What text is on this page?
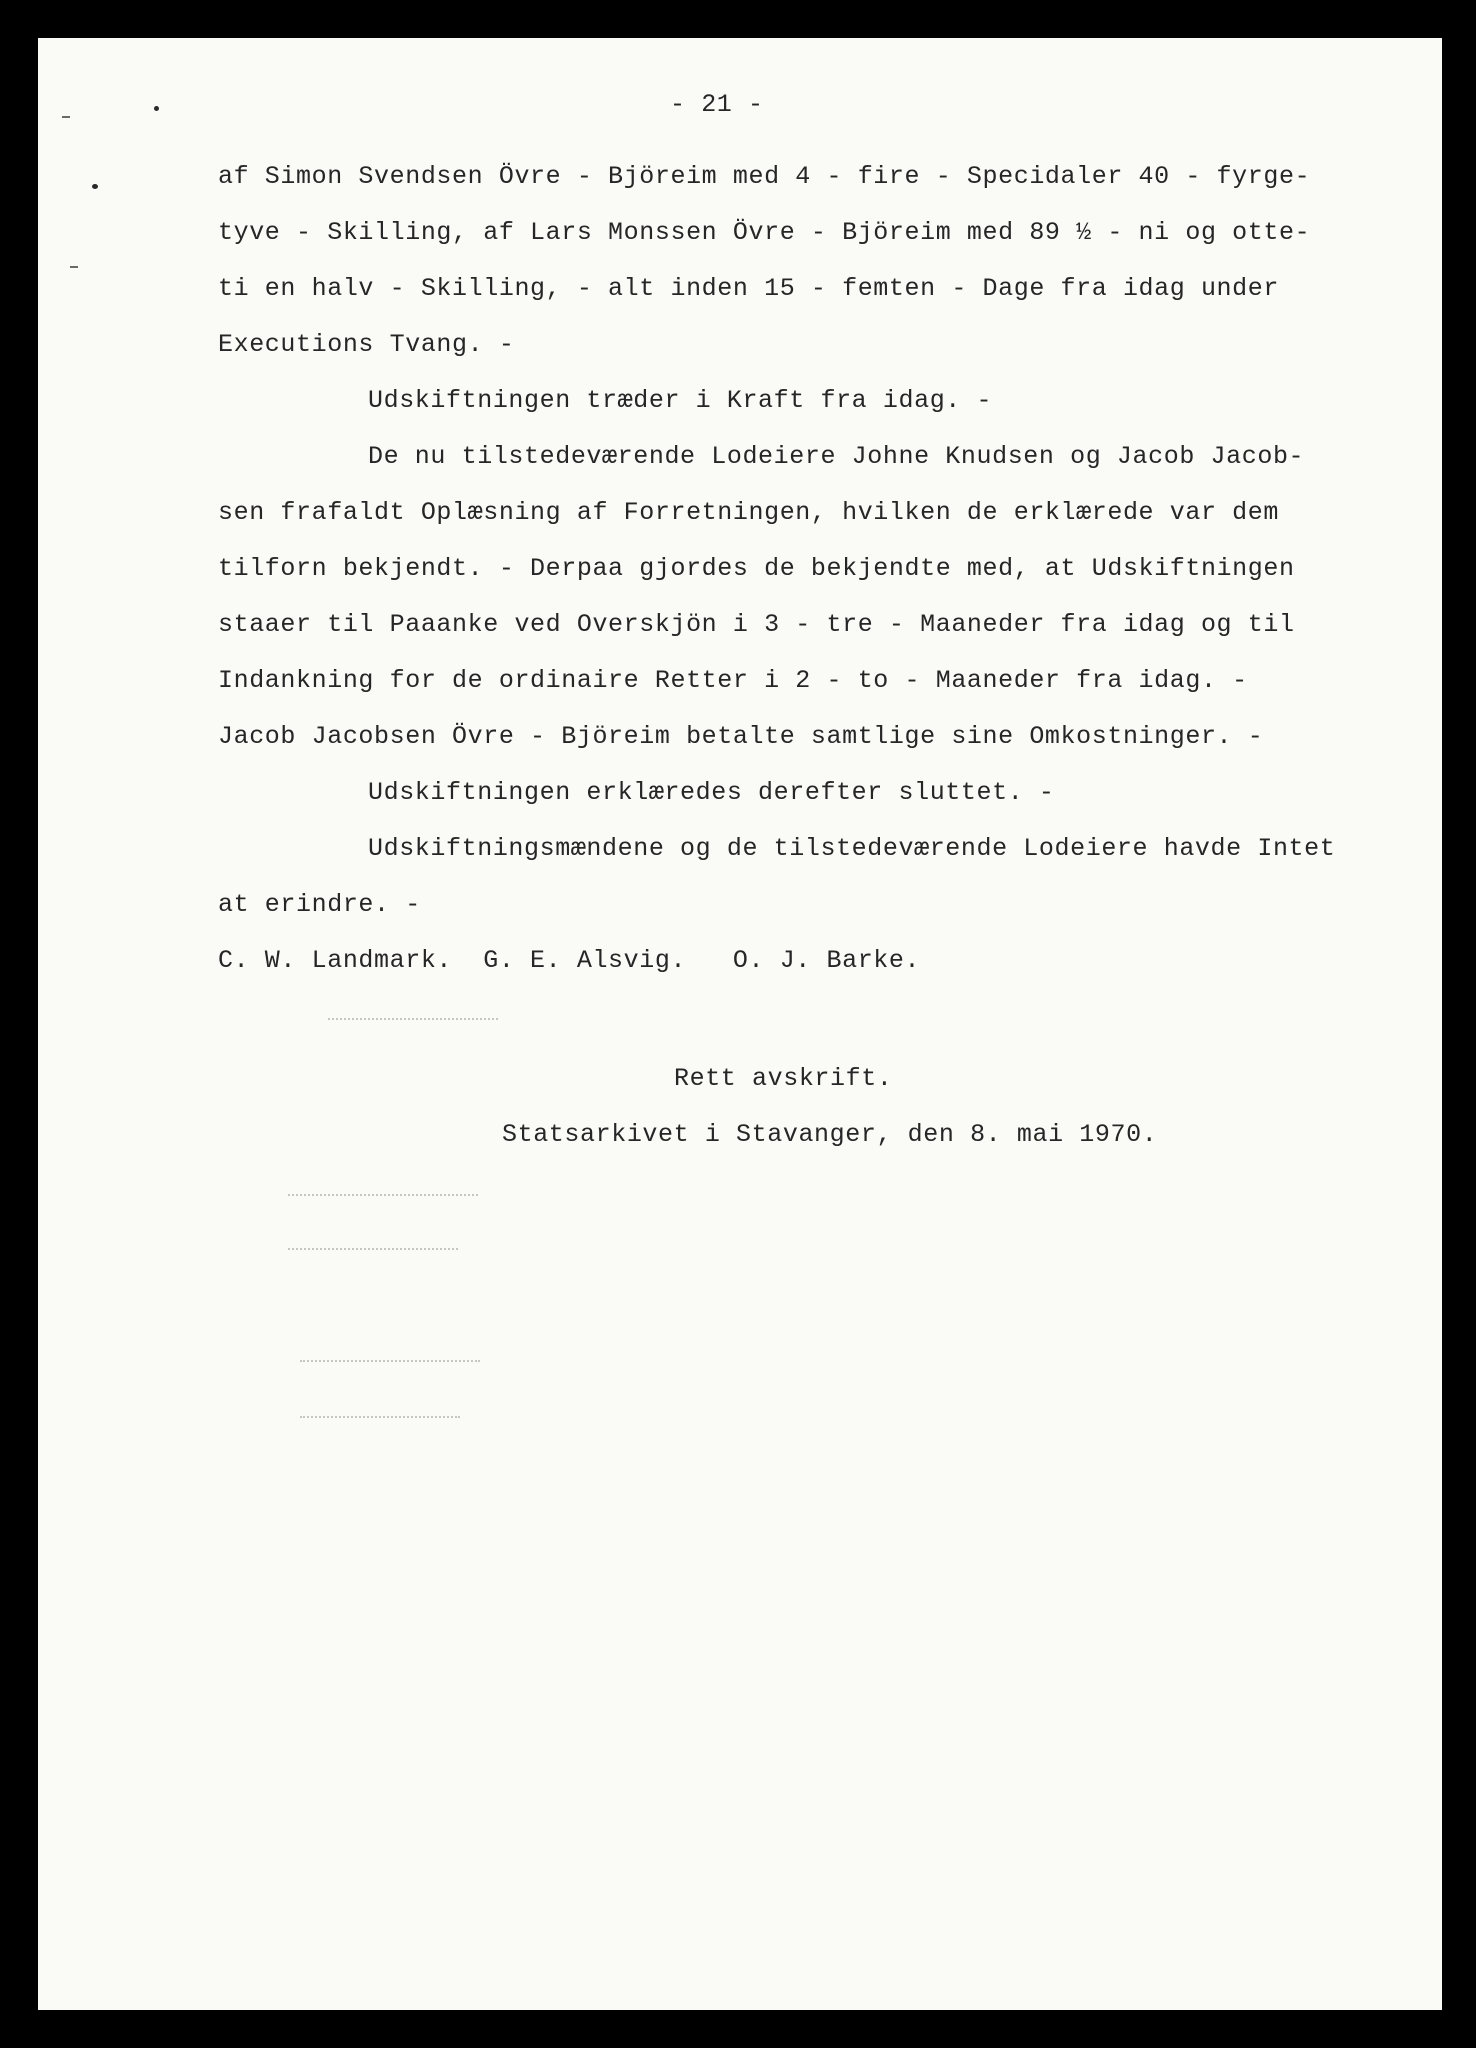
- 21 -
af Simon Svendsen Övre - Björeim med 4 - fire - Specidaler 40 - fyrge-
tyve - Skilling, af Lars Monssen Övre - Björeim med 89 ½ - ni og otte-
ti en halv - Skilling, - alt inden 15 - femten - Dage fra idag under
Executions Tvang. -
Udskiftningen træder i Kraft fra idag. -
De nu tilstedeværende Lodeiere Johne Knudsen og Jacob Jacob-
sen frafaldt Oplæsning af Forretningen, hvilken de erklærede var dem
tilforn bekjendt. - Derpaa gjordes de bekjendte med, at Udskiftningen
staaer til Paaanke ved Overskjön i 3 - tre - Maaneder fra idag og til
Indankning for de ordinaire Retter i 2 - to - Maaneder fra idag. -
Jacob Jacobsen Övre - Björeim betalte samtlige sine Omkostninger. -
Udskiftningen erklæredes derefter sluttet. -
Udskiftningsmændene og de tilstedeværende Lodeiere havde Intet
at erindre. -
C. W. Landmark.  G. E. Alsvig.   O. J. Barke.
Rett avskrift.
Statsarkivet i Stavanger, den 8. mai 1970.
